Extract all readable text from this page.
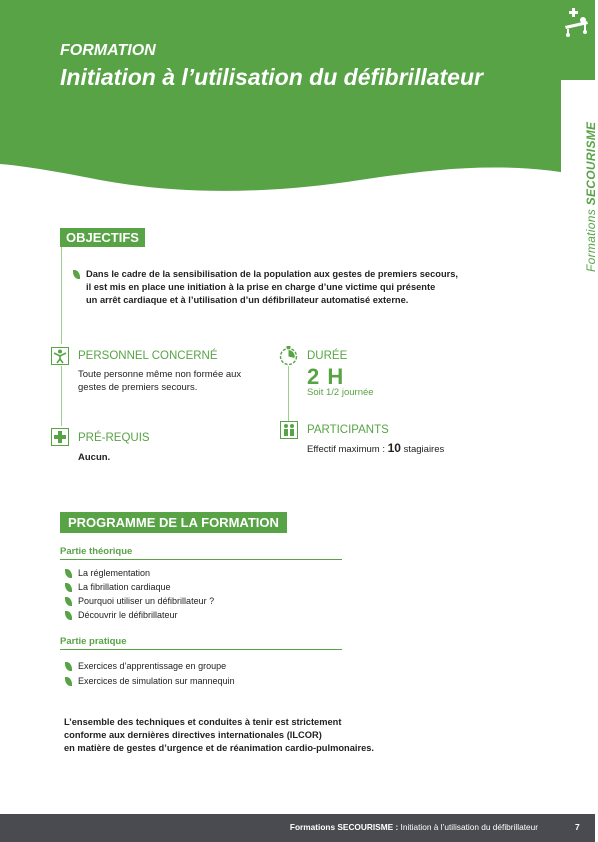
FORMATION
Initiation à l’utilisation du défibrillateur
Formations SECOURISME
OBJECTIFS
Dans le cadre de la sensibilisation de la population aux gestes de premiers secours,
il est mis en place une initiation à la prise en charge d’une victime qui présente
un arrêt cardiaque et à l’utilisation d’un défibrillateur automatisé externe.
PERSONNEL CONCERNÉ
Toute personne même non formée aux
gestes de premiers secours.
PRÉ-REQUIS
Aucun.
DURÉE
2 H
Soit 1/2 journée
PARTICIPANTS
Effectif maximum : 10 stagiaires
PROGRAMME DE LA FORMATION
Partie théorique
La réglementation
La fibrillation cardiaque
Pourquoi utiliser un défibrillateur ?
Découvrir le défibrillateur
Partie pratique
Exercices d’apprentissage en groupe
Exercices de simulation sur mannequin
L’ensemble des techniques et conduites à tenir est strictement
conforme aux dernières directives internationales (ILCOR)
en matière de gestes d’urgence et de réanimation cardio-pulmonaires.
Formations SECOURISME : Initiation à l’utilisation du défibrillateur	7
